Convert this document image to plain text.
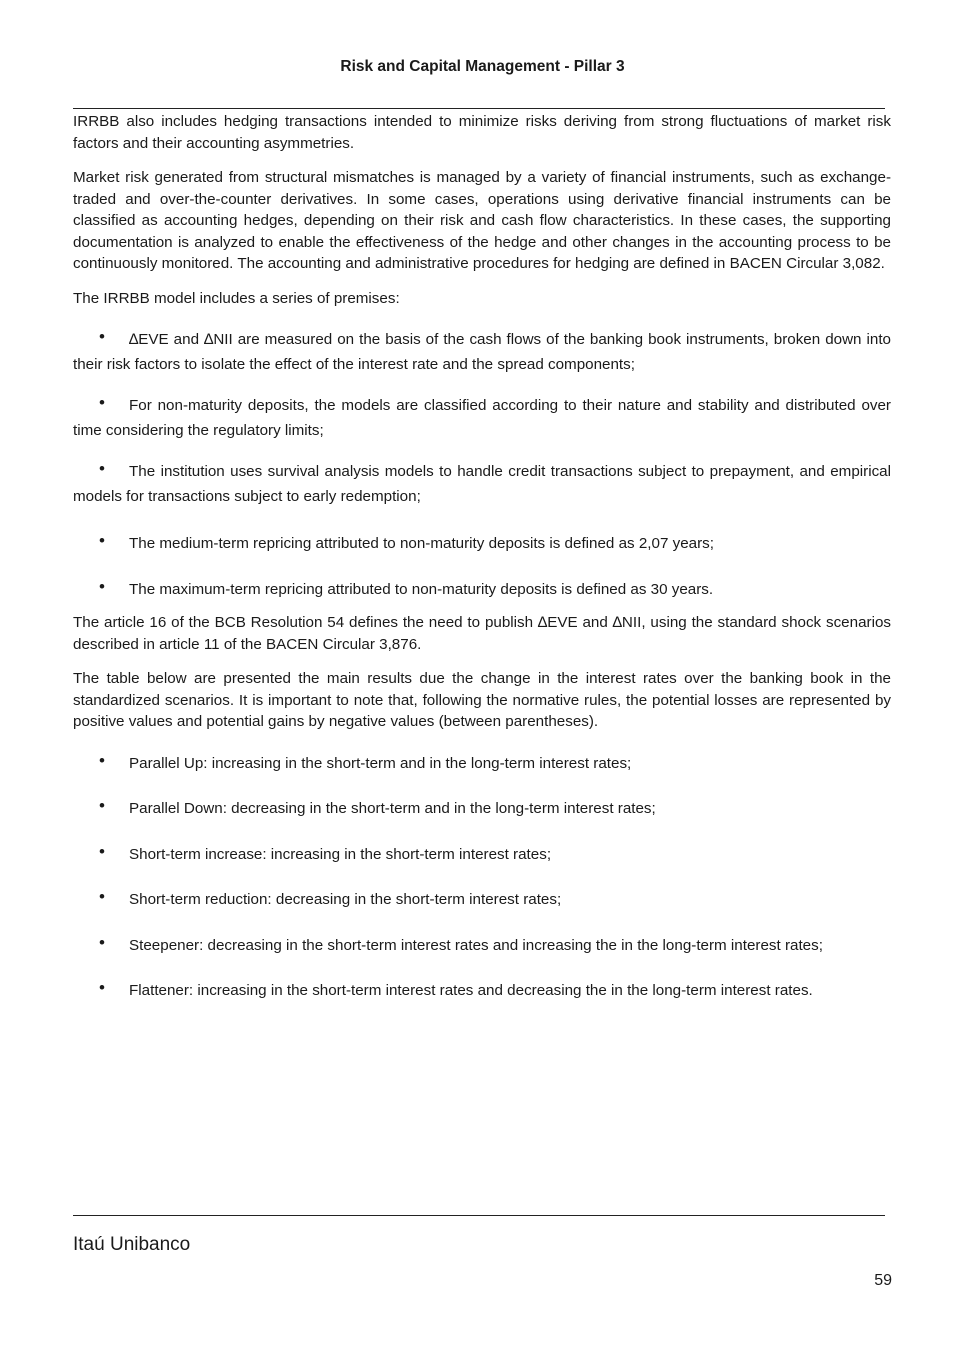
Risk and Capital Management - Pillar 3

IRRBB also includes hedging transactions intended to minimize risks deriving from strong fluctuations of market risk factors and their accounting asymmetries.

Market risk generated from structural mismatches is managed by a variety of financial instruments, such as exchange-traded and over-the-counter derivatives. In some cases, operations using derivative financial instruments can be classified as accounting hedges, depending on their risk and cash flow characteristics. In these cases, the supporting documentation is analyzed to enable the effectiveness of the hedge and other changes in the accounting process to be continuously monitored. The accounting and administrative procedures for hedging are defined in BACEN Circular 3,082.

The IRRBB model includes a series of premises:

• ∆EVE and ∆NII are measured on the basis of the cash flows of the banking book instruments, broken down into their risk factors to isolate the effect of the interest rate and the spread components;
• For non-maturity deposits, the models are classified according to their nature and stability and distributed over time considering the regulatory limits;
• The institution uses survival analysis models to handle credit transactions subject to prepayment, and empirical models for transactions subject to early redemption;
• The medium-term repricing attributed to non-maturity deposits is defined as 2,07 years;
• The maximum-term repricing attributed to non-maturity deposits is defined as 30 years.

The article 16 of the BCB Resolution 54 defines the need to publish ∆EVE and ∆NII, using the standard shock scenarios described in article 11 of the BACEN Circular 3,876.

The table below are presented the main results due the change in the interest rates over the banking book in the standardized scenarios. It is important to note that, following the normative rules, the potential losses are represented by positive values and potential gains by negative values (between parentheses).

• Parallel Up: increasing in the short-term and in the long-term interest rates;
• Parallel Down: decreasing in the short-term and in the long-term interest rates;
• Short-term increase: increasing in the short-term interest rates;
• Short-term reduction: decreasing in the short-term interest rates;
• Steepener: decreasing in the short-term interest rates and increasing the in the long-term interest rates;
• Flattener: increasing in the short-term interest rates and decreasing the in the long-term interest rates.
Itaú Unibanco
59
